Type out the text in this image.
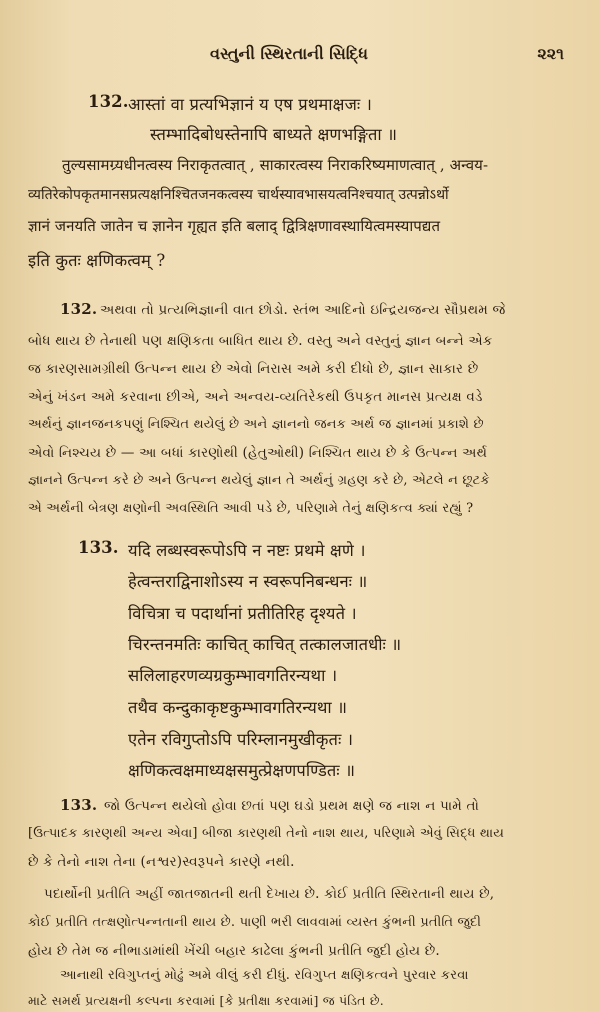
વસ્તુની સ્થિરતાની સિદ્ધિ	૨૨૧
132. आस्तां वा प्रत्यभिज्ञानं य एष प्रथमाक्षजः ।
स्तम्भादिबोधस्तेनापि बाध्यते क्षणभङ्गिता ॥
तुल्यसामग्र्यधीनत्वस्य निराकृतत्वात् , साकारत्वस्य निराकरिष्यमाणत्वात् , अन्वय-
व्यतिरेकोपकृतमानसप्रत्यक्षनिश्चितजनकत्वस्य चार्थस्यावभासयत्वनिश्चयात् उत्पन्नोऽर्थो
ज्ञानं जनयति जातेन च ज्ञानेन गृह्यत इति बलाद् द्वित्रिक्षणावस्थायित्वमस्यापद्यत
इति कुतः क्षणिकत्वम् ?
132. અથવા તો પ્રત્યભિજ્ઞાની વાત છોડો. સ્તંભ આદિનો ઇન્દ્રિયજન્ય સૌપ્રથમ જે
બોધ થાય છે તેનાથી પણ ક્ષણિકતા બાધિત થાય છે. વસ્તુ અને વસ્તુનું જ્ઞાન બન્ને એક
જ કારણસામગ્રીથી ઉત્પન્ન થાય છે એવો નિરાસ અમે કરી દીધો છે, જ્ઞાન સાકાર છે
એનું ખંડન અમે કરવાના છીએ, અને અન્વય-વ્યતિરેકથી ઉપકૃત માનસ પ્રત્યક્ષ વડે
અર્થનું જ્ઞાનજનકપણું નિશ્ચિત થયેલું છે અને જ્ઞાનનો જનક અર્થ જ જ્ઞાનમાં પ્રકાશે છે
એવો નિશ્ચય છે — આ બધાં કારણોથી (હેતુઓથી) નિશ્ચિત થાય છે કે ઉત્પન્ન અર્થ
જ્ઞાનને ઉત્પન્ન કરે છે અને ઉત્પન્ન થયેલું જ્ઞાન તે અર્થનું ગ્રહણ કરે છે, એટલે ન છૂટકે
એ અર્થની બેત્રણ ક્ષણોની અવસ્થિતિ આવી પડે છે, પરિણામે તેનું ક્ષણિકત્વ ક્યાં રહ્યું ?
133. यदि लब्धस्वरूपोऽपि न नष्टः प्रथमे क्षणे ।
हेत्वन्तराद्विनाशोऽस्य न स्वरूपनिबन्धनः ॥
विचित्रा च पदार्थानां प्रतीतिरिह दृश्यते ।
चिरन्तनमतिः काचित् काचित् तत्कालजातधीः ॥
सलिलाहरणव्यग्रकुम्भावगतिरन्यथा ।
तथैव कन्दुकाकृष्टकुम्भावगतिरन्यथा ॥
एतेन रविगुप्तोऽपि परिम्लानमुखीकृतः ।
क्षणिकत्वक्षमाध्यक्षसमुत्प्रेक्षणपण्डितः ॥
133. જો ઉત્પન્ન થયેલો હોવા છતાં પણ ઘડો પ્રથમ ક્ષણે જ નાશ ન પામે તો
[ઉત્પાદક કારણથી અન્ય એવા] બીજા કારણથી તેનો નાશ થાય, પરિણામે એવું સિદ્ધ થાય
છે કે તેનો નાશ તેના (નશ્વર)સ્વરૂપને કારણે નથી.
પદાર્થોની પ્રતીતિ અહીં જાતજાતની થતી દેખાય છે. કોઈ પ્રતીતિ સ્થિરતાની થાય છે,
કોઈ પ્રતીતિ તત્ક્ષણોત્પન્નતાની થાય છે. પાણી ભરી લાવવામાં વ્યસ્ત કુંભની પ્રતીતિ જુદી
હોય છે તેમ જ નીભાડામાંથી ખેંચી બહાર કાઢેલા કુંભની પ્રતીતિ જુદી હોય છે.
આનાથી રવિગુપ્તનું મોઢું અમે વીલું કરી દીધું. રવિગુપ્ત ક્ષણિકત્વને પુરવાર કરવા
માટે સમર્થ પ્રત્યક્ષની કલ્પના કરવામાં [કે પ્રતીક્ષા કરવામાં] જ પંડિત છે.
